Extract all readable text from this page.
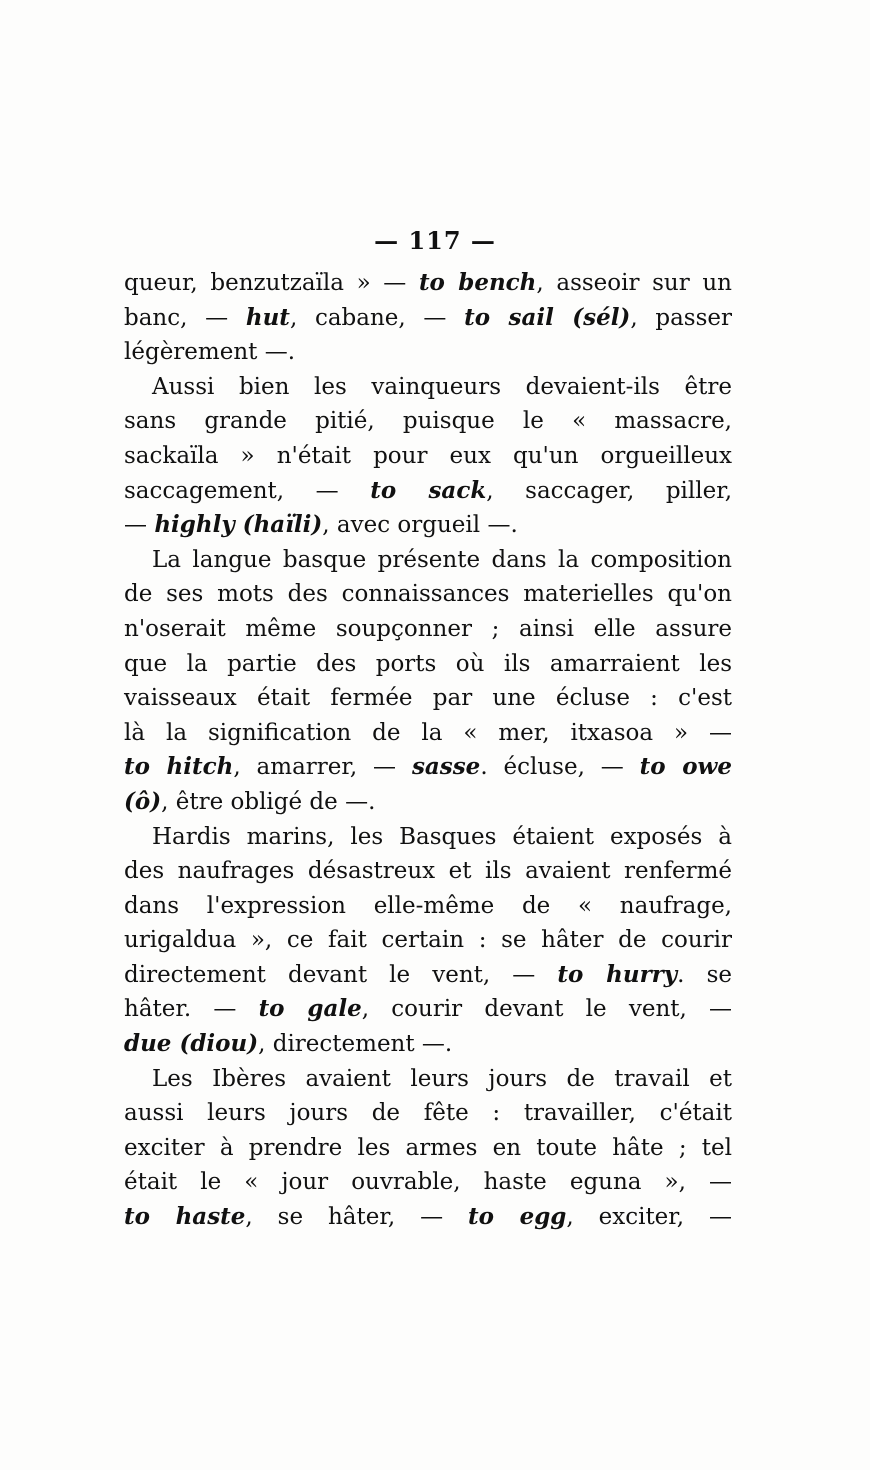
— 117 —
queur, benzutzaïla » — to bench, asseoir sur un
banc, — hut, cabane, — to sail (sél), passer
légèrement —.
Aussi bien les vainqueurs devaient-ils être
sans grande pitié, puisque le « massacre,
sackaïla » n'était pour eux qu'un orgueilleux
saccagement, — to sack, saccager, piller,
— highly (haïli), avec orgueil —.
La langue basque présente dans la composition
de ses mots des connaissances materielles qu'on
n'oserait même soupçonner ; ainsi elle assure
que la partie des ports où ils amarraient les
vaisseaux était fermée par une écluse : c'est
là la signification de la « mer, itxasoa » —
to hitch, amarrer, — sasse. écluse, — to owe
(ô), être obligé de —.
Hardis marins, les Basques étaient exposés à
des naufrages désastreux et ils avaient renfermé
dans l'expression elle-même de « naufrage,
urigaldua », ce fait certain : se hâter de courir
directement devant le vent, — to hurry. se
hâter. — to gale, courir devant le vent, —
due (diou), directement —.
Les Ibères avaient leurs jours de travail et
aussi leurs jours de fête : travailler, c'était
exciter à prendre les armes en toute hâte ; tel
était le « jour ouvrable, haste eguna », —
to haste, se hâter, — to egg, exciter, —
